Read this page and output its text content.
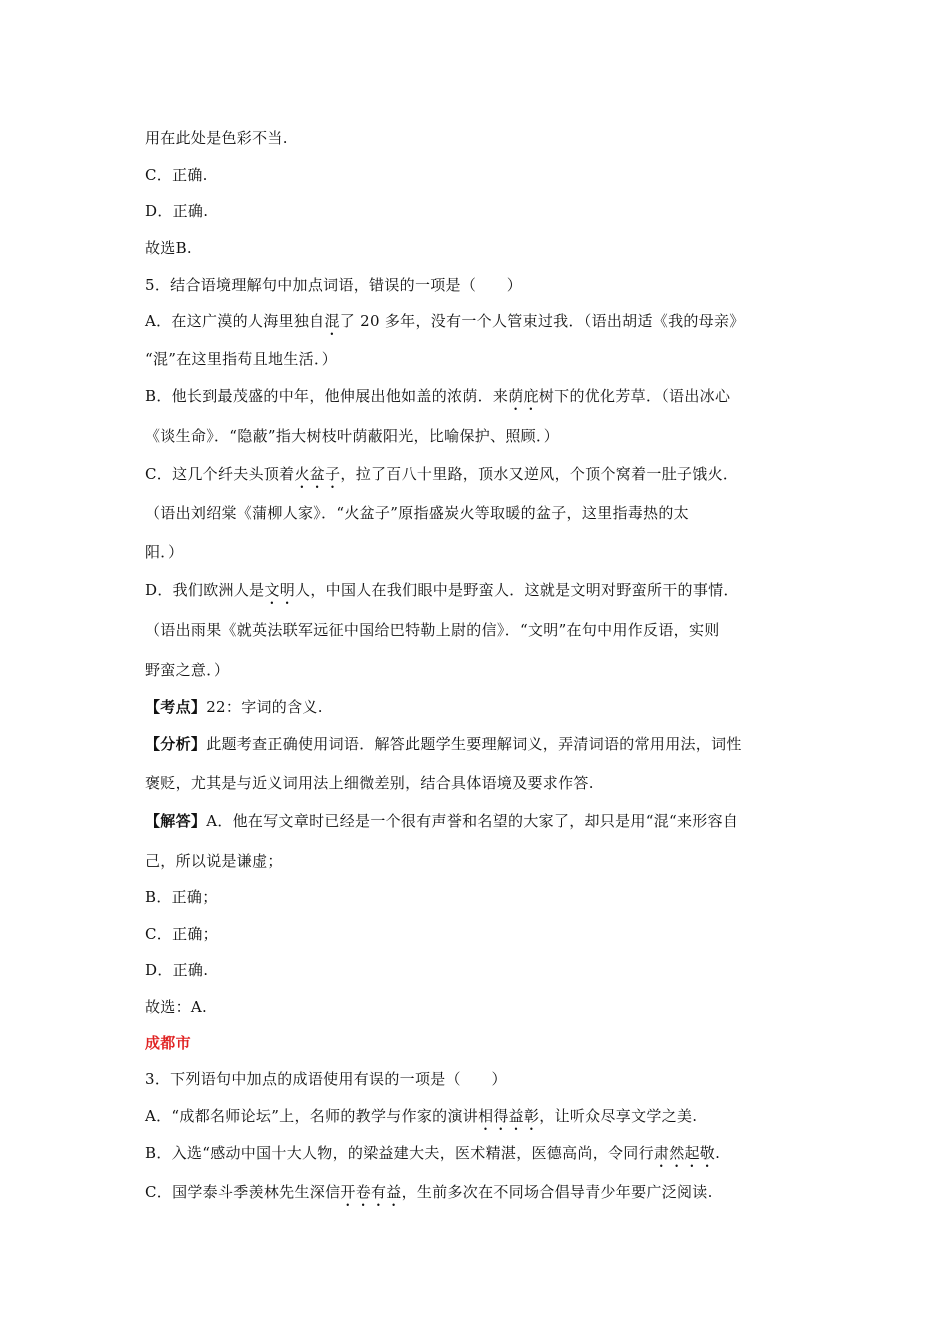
用在此处是色彩不当.
C．正确.
D．正确.
故选B.
5．结合语境理解句中加点词语，错误的一项是（　　）
A．在这广漠的人海里独自混了 20 多年，没有一个人管束过我．（语出胡适《我的母亲》
“混”在这里指苟且地生活．）
B．他长到最茂盛的中年，他伸展出他如盖的浓荫．来荫庇树下的优化芳草．（语出冰心
《谈生命》．“隐蔽”指大树枝叶荫蔽阳光，比喻保护、照顾．）
C．这几个纤夫头顶着火盆子，拉了百八十里路，顶水又逆风，个顶个窝着一肚子饿火．
（语出刘绍棠《蒲柳人家》．“火盆子”原指盛炭火等取暖的盆子，这里指毒热的太
阳．）
D．我们欧洲人是文明人，中国人在我们眼中是野蛮人．这就是文明对野蛮所干的事情．
（语出雨果《就英法联军远征中国给巴特勒上尉的信》．“文明”在句中用作反语，实则
野蛮之意．）
【考点】22：字词的含义.
【分析】此题考查正确使用词语．解答此题学生要理解词义，弄清词语的常用用法，词性
褒贬，尤其是与近义词用法上细微差别，结合具体语境及要求作答.
【解答】A．他在写文章时已经是一个很有声誉和名望的大家了，却只是用“混“来形容自
己，所以说是谦虚；
B．正确；
C．正确；
D．正确.
故选：A.
成都市
3．下列语句中加点的成语使用有误的一项是（　　）
A．“成都名师论坛”上，名师的教学与作家的演讲相得益彰，让听众尽享文学之美.
B．入选“感动中国十大人物，的梁益建大夫，医术精湛，医德高尚，令同行肃然起敬.
C．国学泰斗季羡林先生深信开卷有益，生前多次在不同场合倡导青少年要广泛阅读.
